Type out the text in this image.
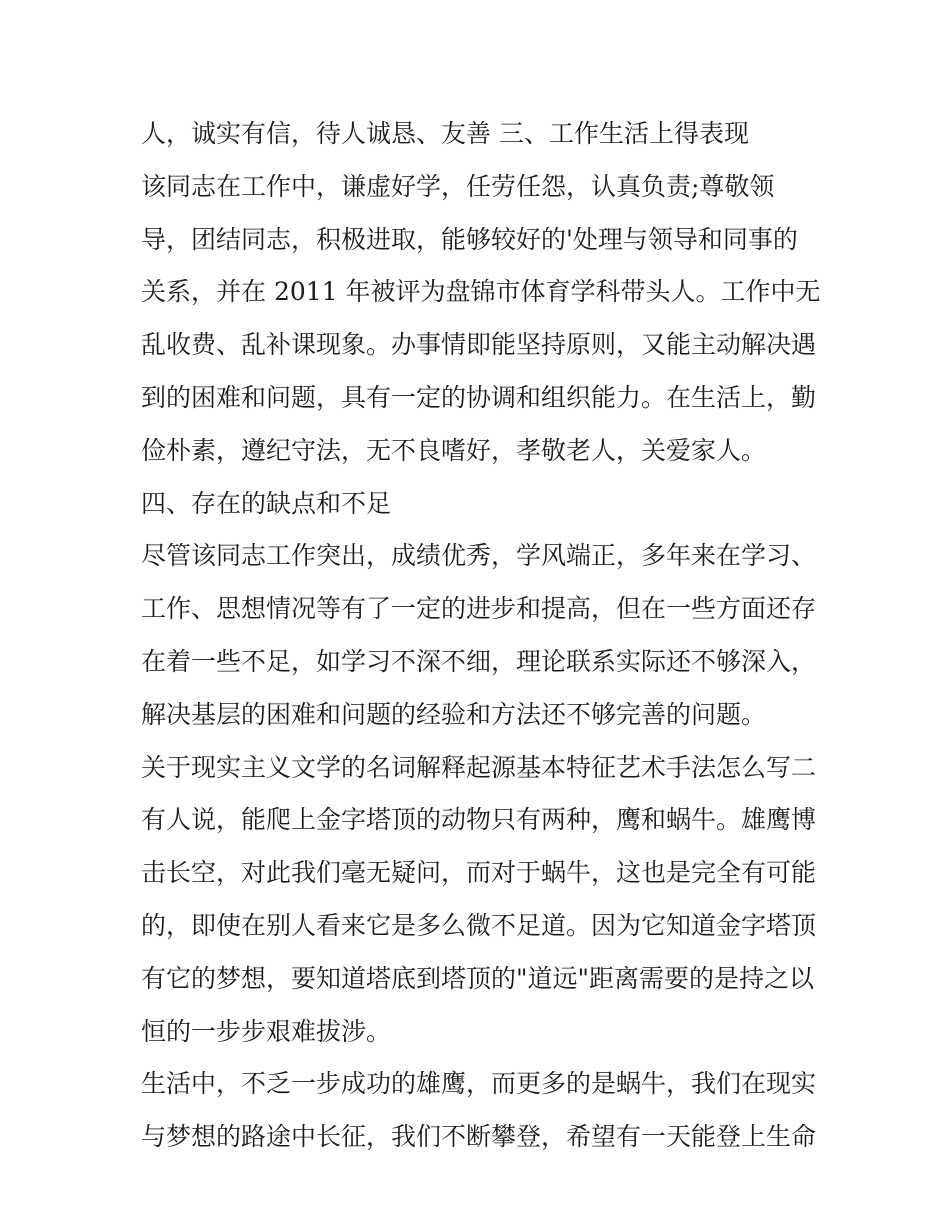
人，诚实有信，待人诚恳、友善 三、工作生活上得表现
该同志在工作中，谦虚好学，任劳任怨，认真负责;尊敬领
导，团结同志，积极进取，能够较好的'处理与领导和同事的
关系，并在 2011 年被评为盘锦市体育学科带头人。工作中无
乱收费、乱补课现象。办事情即能坚持原则，又能主动解决遇
到的困难和问题，具有一定的协调和组织能力。在生活上，勤
俭朴素，遵纪守法，无不良嗜好，孝敬老人，关爱家人。
四、存在的缺点和不足
尽管该同志工作突出，成绩优秀，学风端正，多年来在学习、
工作、思想情况等有了一定的进步和提高，但在一些方面还存
在着一些不足，如学习不深不细，理论联系实际还不够深入，
解决基层的困难和问题的经验和方法还不够完善的问题。
关于现实主义文学的名词解释起源基本特征艺术手法怎么写二
有人说，能爬上金字塔顶的动物只有两种，鹰和蜗牛。雄鹰博
击长空，对此我们毫无疑问，而对于蜗牛，这也是完全有可能
的，即使在别人看来它是多么微不足道。因为它知道金字塔顶
有它的梦想，要知道塔底到塔顶的"道远"距离需要的是持之以
恒的一步步艰难拔涉。
生活中，不乏一步成功的雄鹰，而更多的是蜗牛，我们在现实
与梦想的路途中长征，我们不断攀登，希望有一天能登上生命
